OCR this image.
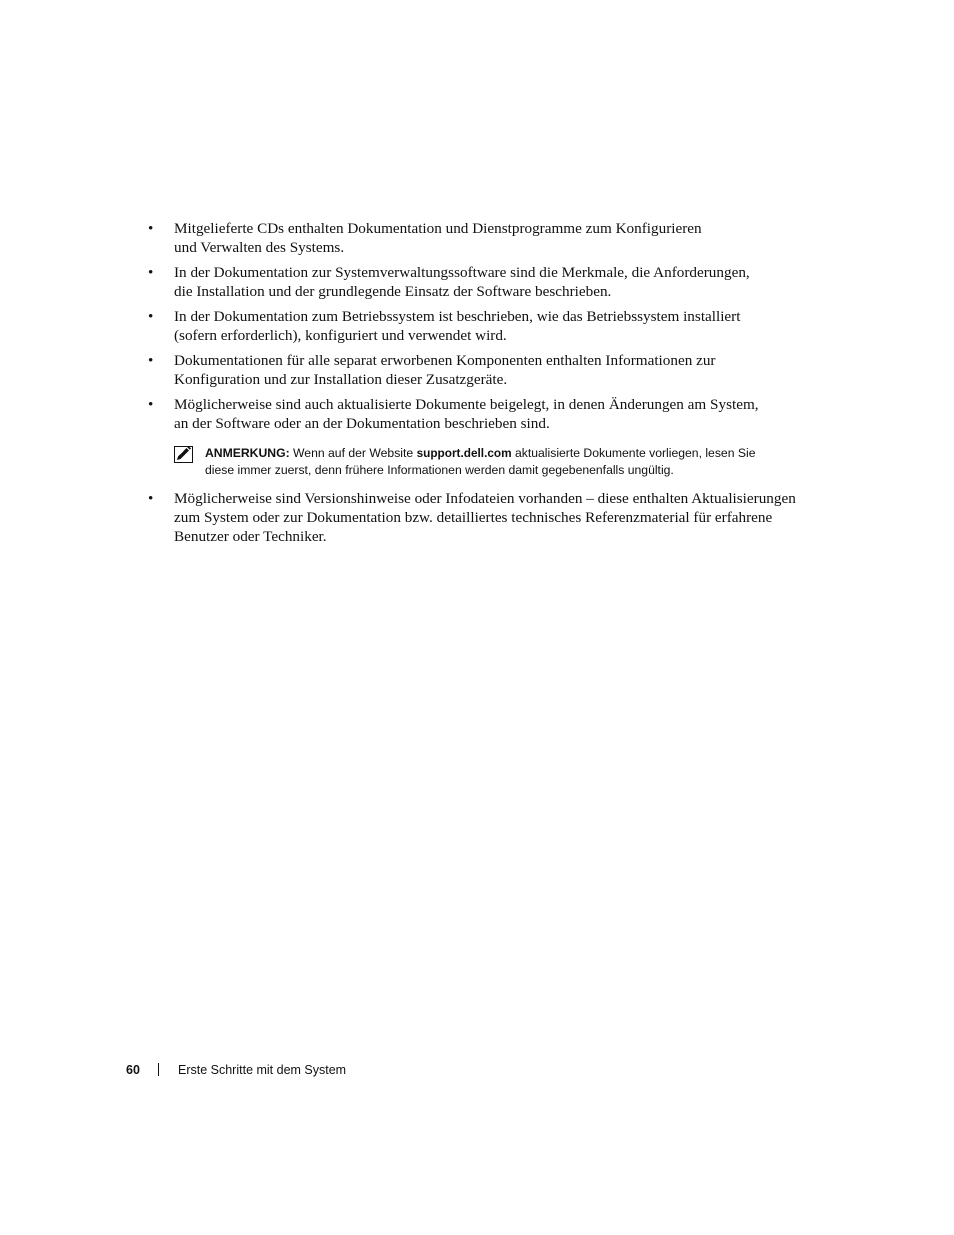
• Mitgelieferte CDs enthalten Dokumentation und Dienstprogramme zum Konfigurieren
und Verwalten des Systems.
• In der Dokumentation zur Systemverwaltungssoftware sind die Merkmale, die Anforderungen,
die Installation und der grundlegende Einsatz der Software beschrieben.
• In der Dokumentation zum Betriebssystem ist beschrieben, wie das Betriebssystem installiert
(sofern erforderlich), konfiguriert und verwendet wird.
• Dokumentationen für alle separat erworbenen Komponenten enthalten Informationen zur
Konfiguration und zur Installation dieser Zusatzgeräte.
• Möglicherweise sind auch aktualisierte Dokumente beigelegt, in denen Änderungen am System,
an der Software oder an der Dokumentation beschrieben sind.
ANMERKUNG: Wenn auf der Website support.dell.com aktualisierte Dokumente vorliegen, lesen Sie
diese immer zuerst, denn frühere Informationen werden damit gegebenenfalls ungültig.
• Möglicherweise sind Versionshinweise oder Infodateien vorhanden – diese enthalten Aktualisierungen
zum System oder zur Dokumentation bzw. detailliertes technisches Referenzmaterial für erfahrene
Benutzer oder Techniker.
60	Erste Schritte mit dem System
